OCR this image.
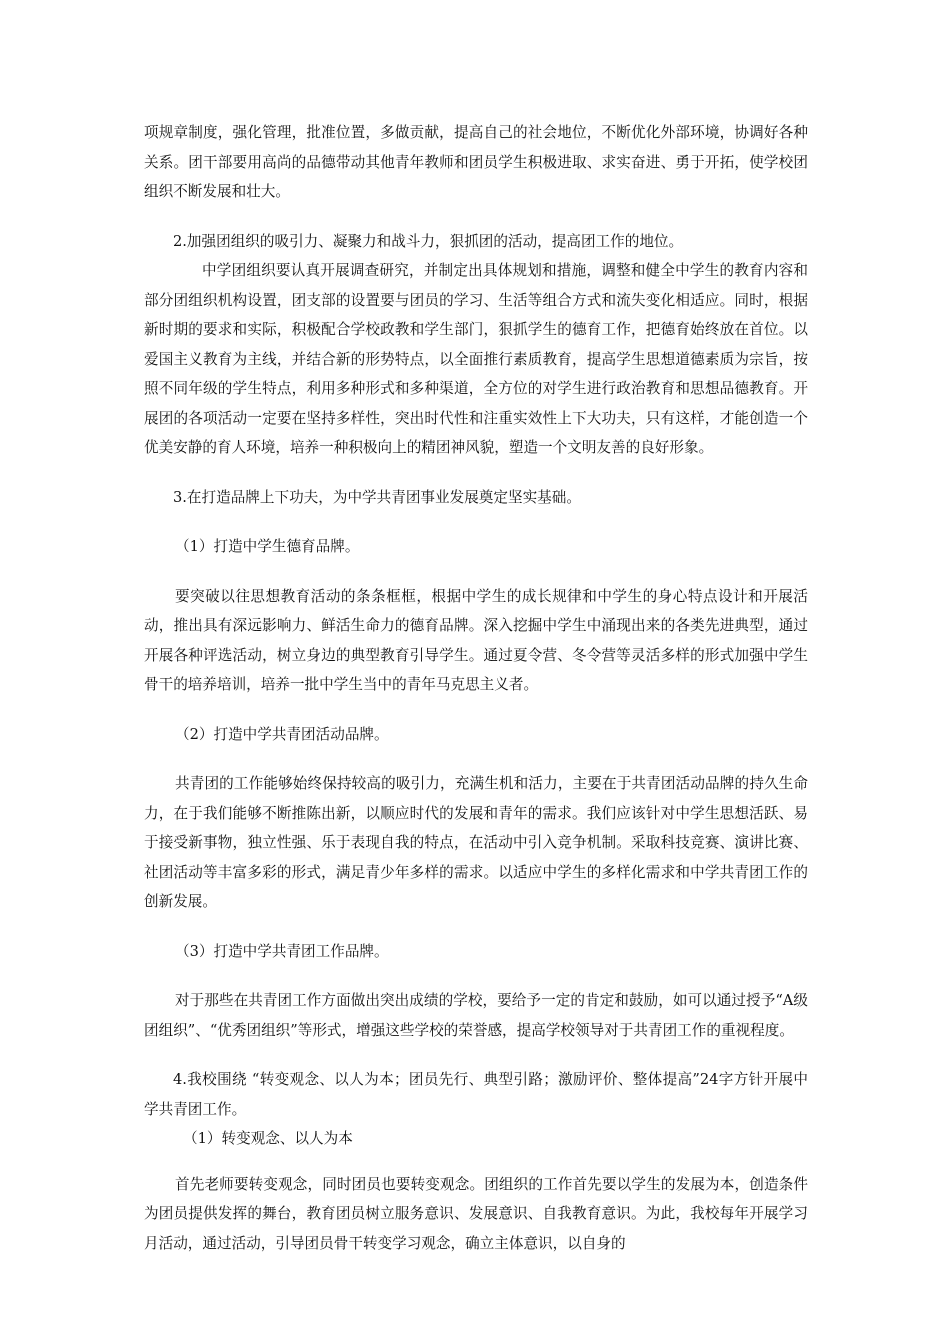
项规章制度，强化管理，批准位置，多做贡献，提高自己的社会地位，不断优化外部环境，协调好各种关系。团干部要用高尚的品德带动其他青年教师和团员学生积极进取、求实奋进、勇于开拓，使学校团组织不断发展和壮大。

2.加强团组织的吸引力、凝聚力和战斗力，狠抓团的活动，提高团工作的地位。

中学团组织要认真开展调查研究，并制定出具体规划和措施，调整和健全中学生的教育内容和部分团组织机构设置，团支部的设置要与团员的学习、生活等组合方式和流失变化相适应。同时，根据新时期的要求和实际，积极配合学校政教和学生部门，狠抓学生的德育工作，把德育始终放在首位。以爱国主义教育为主线，并结合新的形势特点，以全面推行素质教育，提高学生思想道德素质为宗旨，按照不同年级的学生特点，利用多种形式和多种渠道，全方位的对学生进行政治教育和思想品德教育。开展团的各项活动一定要在坚持多样性，突出时代性和注重实效性上下大功夫，只有这样，才能创造一个优美安静的育人环境，培养一种积极向上的精团神风貌，塑造一个文明友善的良好形象。

3.在打造品牌上下功夫，为中学共青团事业发展奠定坚实基础。

（1）打造中学生德育品牌。

要突破以往思想教育活动的条条框框，根据中学生的成长规律和中学生的身心特点设计和开展活动，推出具有深远影响力、鲜活生命力的德育品牌。深入挖掘中学生中涌现出来的各类先进典型，通过开展各种评选活动，树立身边的典型教育引导学生。通过夏令营、冬令营等灵活多样的形式加强中学生骨干的培养培训，培养一批中学生当中的青年马克思主义者。

（2）打造中学共青团活动品牌。

共青团的工作能够始终保持较高的吸引力，充满生机和活力，主要在于共青团活动品牌的持久生命力，在于我们能够不断推陈出新，以顺应时代的发展和青年的需求。我们应该针对中学生思想活跃、易于接受新事物，独立性强、乐于表现自我的特点，在活动中引入竞争机制。采取科技竞赛、演讲比赛、社团活动等丰富多彩的形式，满足青少年多样的需求。以适应中学生的多样化需求和中学共青团工作的创新发展。

（3）打造中学共青团工作品牌。

对于那些在共青团工作方面做出突出成绩的学校，要给予一定的肯定和鼓励，如可以通过授予“A级团组织”、“优秀团组织”等形式，增强这些学校的荣誉感，提高学校领导对于共青团工作的重视程度。

4.我校围绕 “转变观念、以人为本；团员先行、典型引路；激励评价、整体提高”24字方针开展中学共青团工作。

（1）转变观念、以人为本

首先老师要转变观念，同时团员也要转变观念。团组织的工作首先要以学生的发展为本，创造条件为团员提供发挥的舞台，教育团员树立服务意识、发展意识、自我教育意识。为此，我校每年开展学习月活动，通过活动，引导团员骨干转变学习观念，确立主体意识，以自身的
